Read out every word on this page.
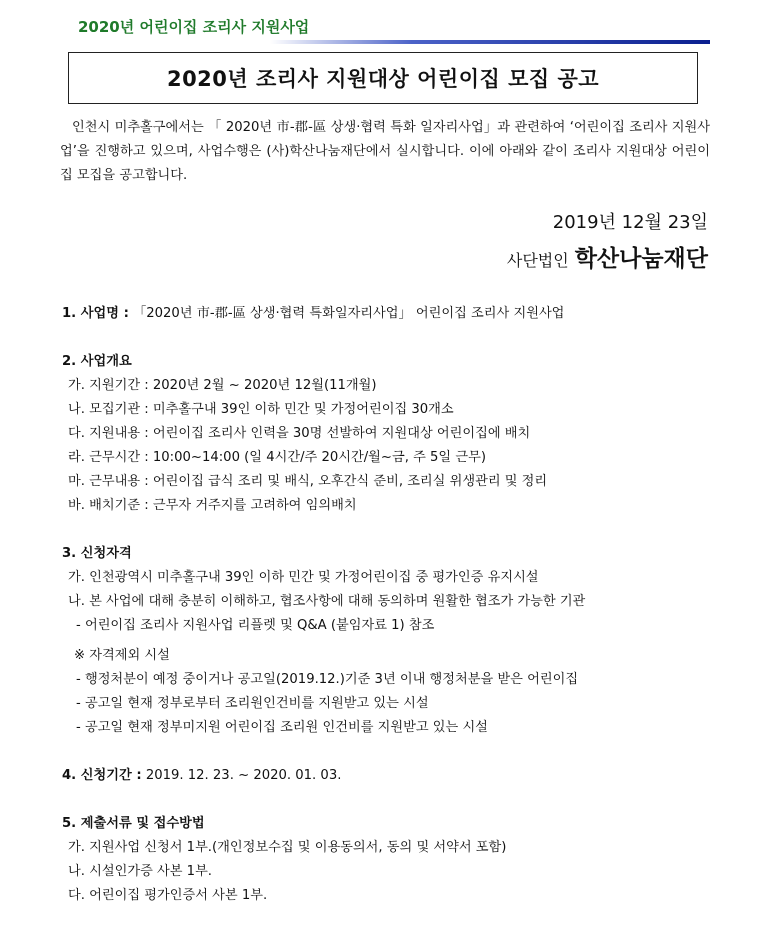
2020년 어린이집 조리사 지원사업
2020년 조리사 지원대상 어린이집 모집 공고
인천시 미추홀구에서는 「 2020년 市-郡-區 상생·협력 특화 일자리사업」과 관련하여 ‘어린이집 조리사 지원사업’을 진행하고 있으며, 사업수행은 (사)학산나눔재단에서 실시합니다. 이에 아래와 같이 조리사 지원대상 어린이집 모집을 공고합니다.
2019년 12월 23일
사단법인 학산나눔재단
1. 사업명 : 「2020년 市-郡-區 상생·협력 특화일자리사업」 어린이집 조리사 지원사업
2. 사업개요
가. 지원기간 : 2020년 2월 ~ 2020년 12월(11개월)
나. 모집기관 : 미추홀구내 39인 이하 민간 및 가정어린이집 30개소
다. 지원내용 : 어린이집 조리사 인력을 30명 선발하여 지원대상 어린이집에 배치
라. 근무시간 : 10:00~14:00 (일 4시간/주 20시간/월~금, 주 5일 근무)
마. 근무내용 : 어린이집 급식 조리 및 배식, 오후간식 준비, 조리실 위생관리 및 정리
바. 배치기준 : 근무자 거주지를 고려하여 임의배치
3. 신청자격
가. 인천광역시 미추홀구내 39인 이하 민간 및 가정어린이집 중 평가인증 유지시설
나. 본 사업에 대해 충분히 이해하고, 협조사항에 대해 동의하며 원활한 협조가 가능한 기관
- 어린이집 조리사 지원사업 리플렛 및 Q&A (붙임자료 1) 참조
※ 자격제외 시설
- 행정처분이 예정 중이거나 공고일(2019.12.)기준 3년 이내 행정처분을 받은 어린이집
- 공고일 현재 정부로부터 조리원인건비를 지원받고 있는 시설
- 공고일 현재 정부미지원 어린이집 조리원 인건비를 지원받고 있는 시설
4. 신청기간 : 2019. 12. 23. ~ 2020. 01. 03.
5. 제출서류 및 접수방법
가. 지원사업 신청서 1부.(개인정보수집 및 이용동의서, 동의 및 서약서 포함)
나. 시설인가증 사본 1부.
다. 어린이집 평가인증서 사본 1부.
